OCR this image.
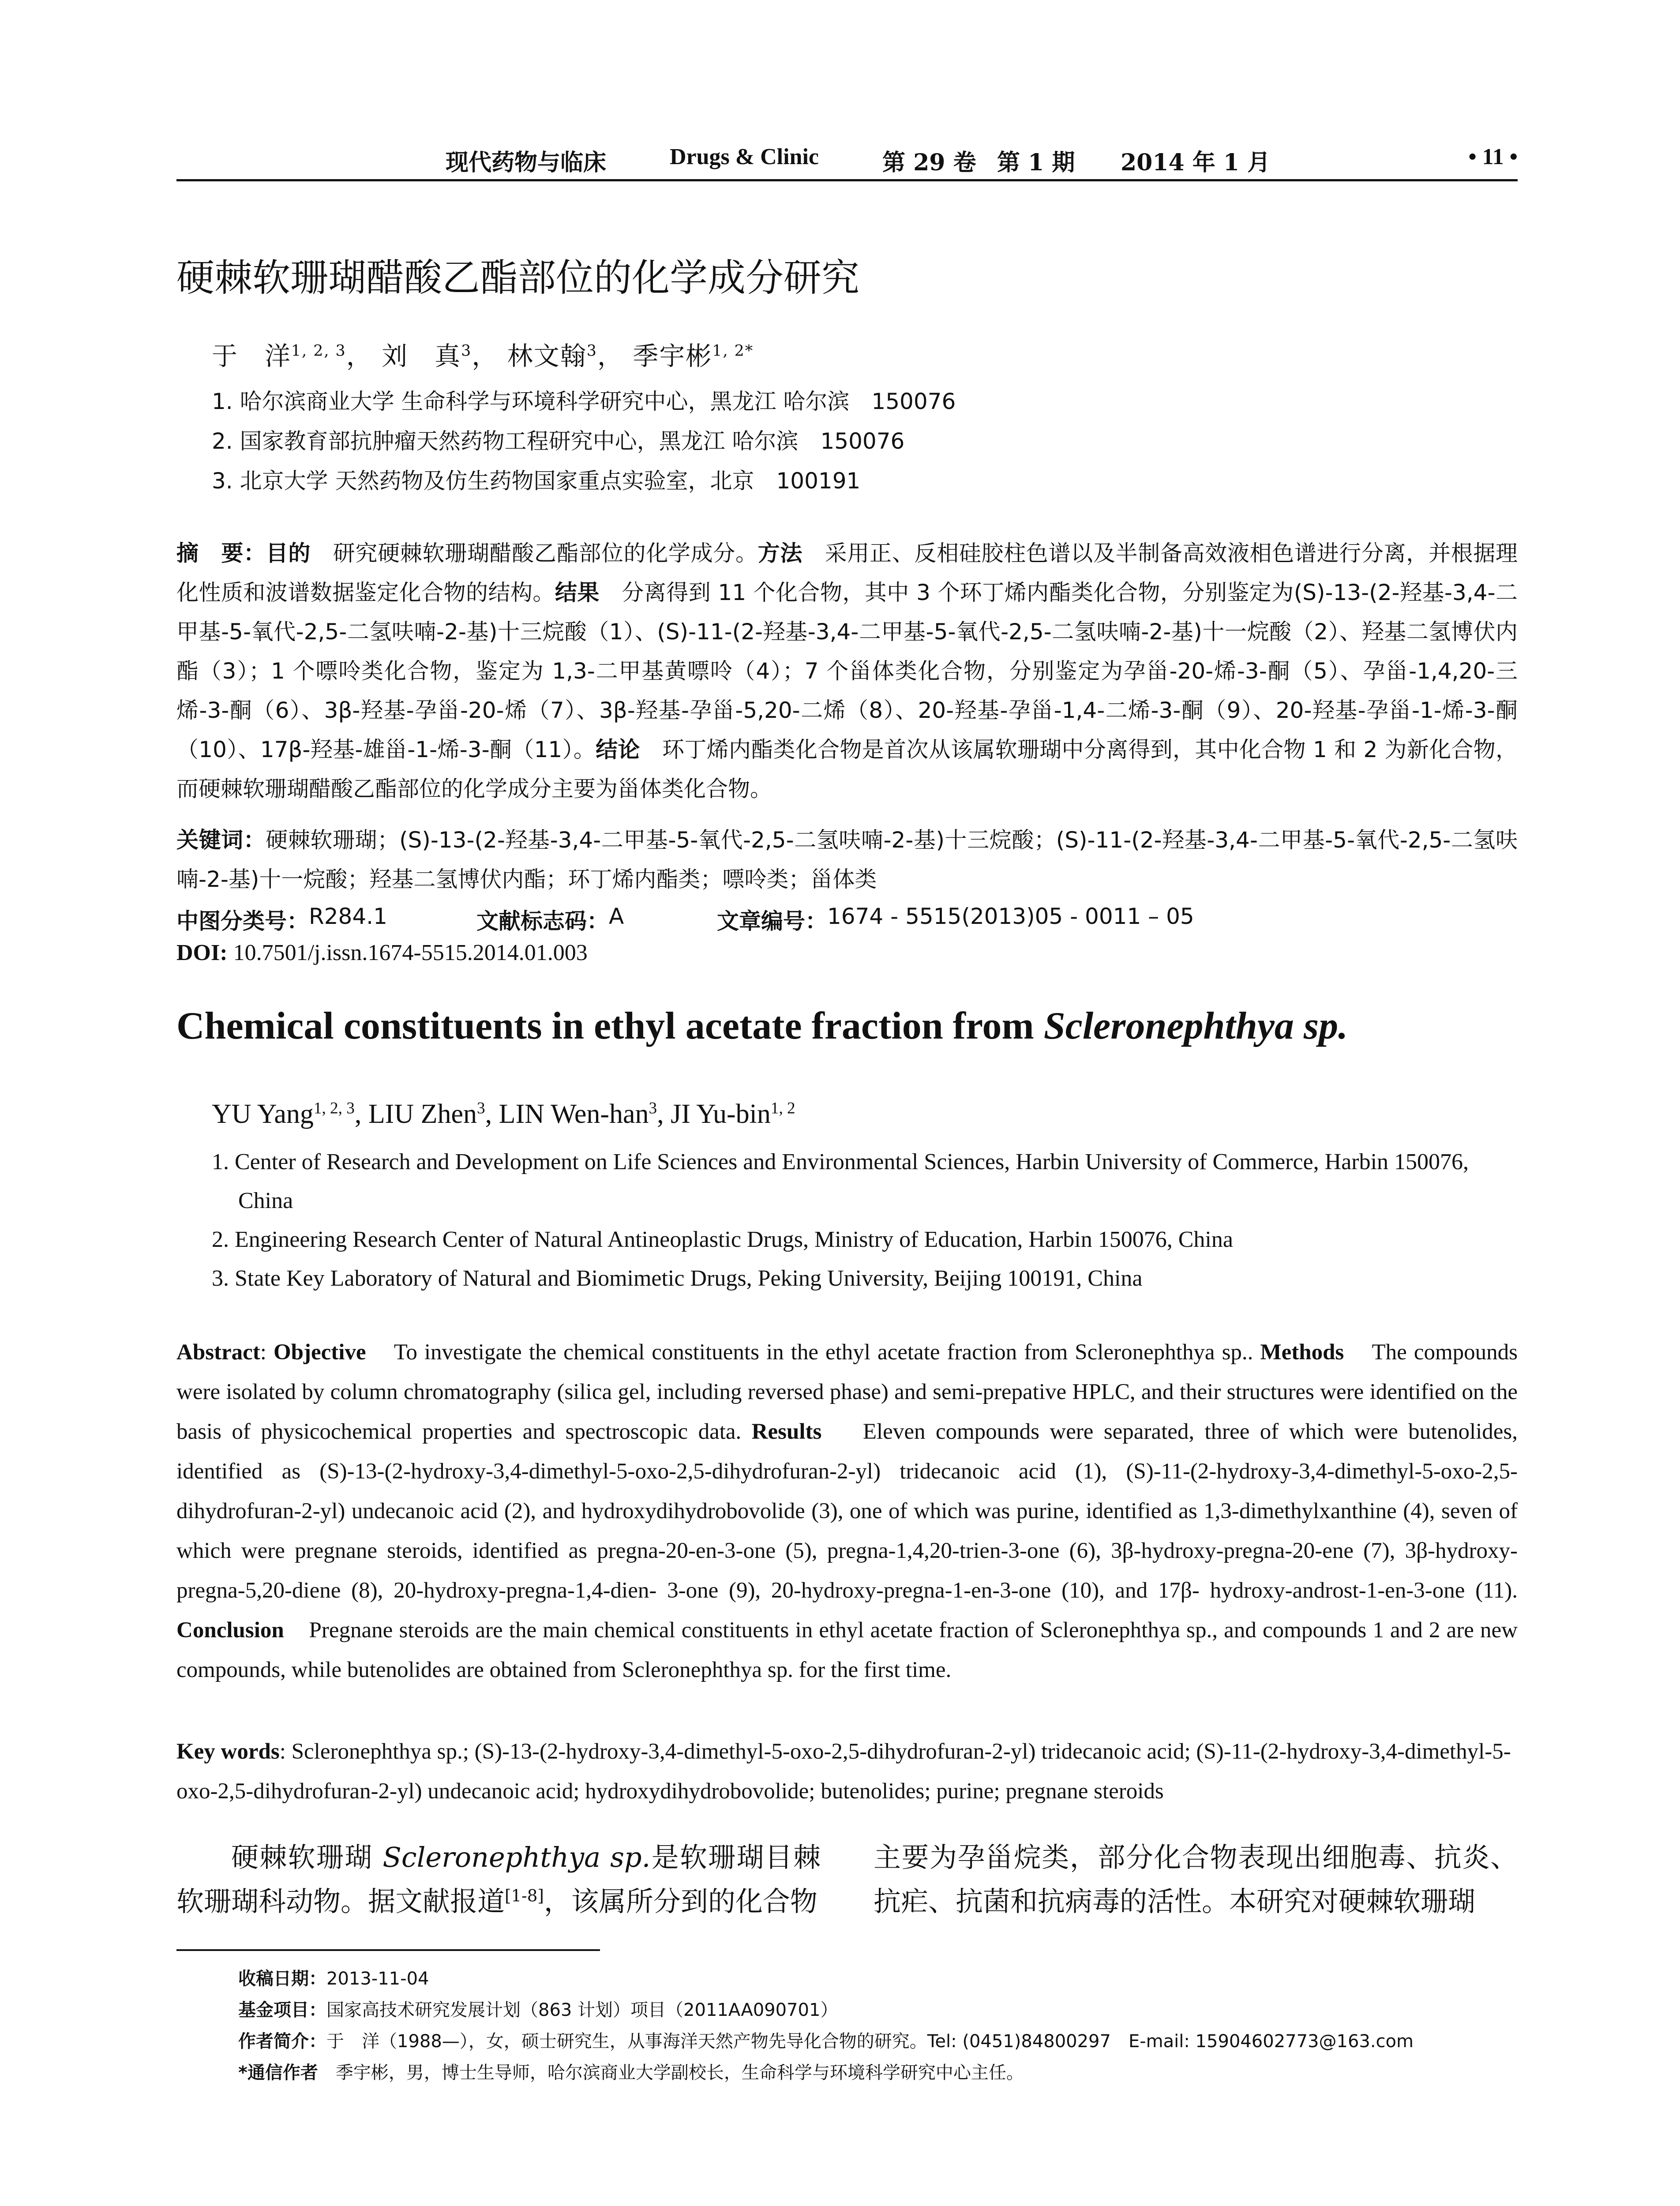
现代药物与临床	Drugs & Clinic	第 29 卷 第 1 期 2014 年 1 月	• 11 •
硬棘软珊瑚醋酸乙酯部位的化学成分研究
于　洋$^{1, 2, 3}$， 刘　真$^3$， 林文翰$^3$， 季宇彬$^{1, 2*}$
1. 哈尔滨商业大学 生命科学与环境科学研究中心，黑龙江 哈尔滨　150076
2. 国家教育部抗肿瘤天然药物工程研究中心，黑龙江 哈尔滨　150076
3. 北京大学 天然药物及仿生药物国家重点实验室，北京　100191
摘　要：目的　研究硬棘软珊瑚醋酸乙酯部位的化学成分。方法　采用正、反相硅胶柱色谱以及半制备高效液相色谱进行分离，并根据理化性质和波谱数据鉴定化合物的结构。结果　分离得到 11 个化合物，其中 3 个环丁烯内酯类化合物，分别鉴定为(S)-13-(2-羟基-3,4-二甲基-5-氧代-2,5-二氢呋喃-2-基)十三烷酸（1）、(S)-11-(2-羟基-3,4-二甲基-5-氧代-2,5-二氢呋喃-2-基)十一烷酸（2）、羟基二氢博伏内酯（3）；1 个嘌呤类化合物，鉴定为 1,3-二甲基黄嘌呤（4）；7 个甾体类化合物，分别鉴定为孕甾-20-烯-3-酮（5）、孕甾-1,4,20-三烯-3-酮（6）、3β-羟基-孕甾-20-烯（7）、3β-羟基-孕甾-5,20-二烯（8）、20-羟基-孕甾-1,4-二烯-3-酮（9）、20-羟基-孕甾-1-烯-3-酮（10）、17β-羟基-雄甾-1-烯-3-酮（11）。结论　环丁烯内酯类化合物是首次从该属软珊瑚中分离得到，其中化合物 1 和 2 为新化合物，而硬棘软珊瑚醋酸乙酯部位的化学成分主要为甾体类化合物。
关键词：硬棘软珊瑚；(S)-13-(2-羟基-3,4-二甲基-5-氧代-2,5-二氢呋喃-2-基)十三烷酸；(S)-11-(2-羟基-3,4-二甲基-5-氧代-2,5-二氢呋喃-2-基)十一烷酸；羟基二氢博伏内酯；环丁烯内酯类；嘌呤类；甾体类
中图分类号： R284.1	文献标志码： A	文章编号： 1674 - 5515(2013)05 - 0011 – 05
DOI: 10.7501/j.issn.1674-5515.2014.01.003
Chemical constituents in ethyl acetate fraction from Scleronephthya sp.
YU Yang$^{1, 2, 3}$, LIU Zhen$^3$, LIN Wen-han$^3$, JI Yu-bin$^{1, 2}$
1. Center of Research and Development on Life Sciences and Environmental Sciences, Harbin University of Commerce, Harbin 150076, China
2. Engineering Research Center of Natural Antineoplastic Drugs, Ministry of Education, Harbin 150076, China
3. State Key Laboratory of Natural and Biomimetic Drugs, Peking University, Beijing 100191, China
Abstract: Objective To investigate the chemical constituents in the ethyl acetate fraction from Scleronephthya sp.. Methods The compounds were isolated by column chromatography (silica gel, including reversed phase) and semi-prepative HPLC, and their structures were identified on the basis of physicochemical properties and spectroscopic data. Results Eleven compounds were separated, three of which were butenolides, identified as (S)-13-(2-hydroxy-3,4-dimethyl-5-oxo-2,5-dihydrofuran-2-yl) tridecanoic acid (1), (S)-11-(2-hydroxy-3,4-dimethyl-5-oxo-2,5-dihydrofuran-2-yl) undecanoic acid (2), and hydroxydihydrobovolide (3), one of which was purine, identified as 1,3-dimethylxanthine (4), seven of which were pregnane steroids, identified as pregna-20-en-3-one (5), pregna-1,4,20-trien-3-one (6), 3β-hydroxy-pregna-20-ene (7), 3β-hydroxy-pregna-5,20-diene (8), 20-hydroxy-pregna-1,4-dien- 3-one (9), 20-hydroxy-pregna-1-en-3-one (10), and 17β- hydroxy-androst-1-en-3-one (11). Conclusion Pregnane steroids are the main chemical constituents in ethyl acetate fraction of Scleronephthya sp., and compounds 1 and 2 are new compounds, while butenolides are obtained from Scleronephthya sp. for the first time.
Key words: Scleronephthya sp.; (S)-13-(2-hydroxy-3,4-dimethyl-5-oxo-2,5-dihydrofuran-2-yl) tridecanoic acid; (S)-11-(2-hydroxy-3,4-dimethyl-5-oxo-2,5-dihydrofuran-2-yl) undecanoic acid; hydroxydihydrobovolide; butenolides; purine; pregnane steroids
硬棘软珊瑚 Scleronephthya sp.是软珊瑚目棘软珊瑚科动物。据文献报道[1-8]，该属所分到的化合物
主要为孕甾烷类，部分化合物表现出细胞毒、抗炎、抗疟、抗菌和抗病毒的活性。本研究对硬棘软珊瑚
收稿日期：2013-11-04
基金项目：国家高技术研究发展计划（863 计划）项目（2011AA090701）
作者简介：于　洋（1988—），女，硕士研究生，从事海洋天然产物先导化合物的研究。Tel: (0451)84800297　E-mail: 15904602773@163.com
*通信作者　季宇彬，男，博士生导师，哈尔滨商业大学副校长，生命科学与环境科学研究中心主任。
